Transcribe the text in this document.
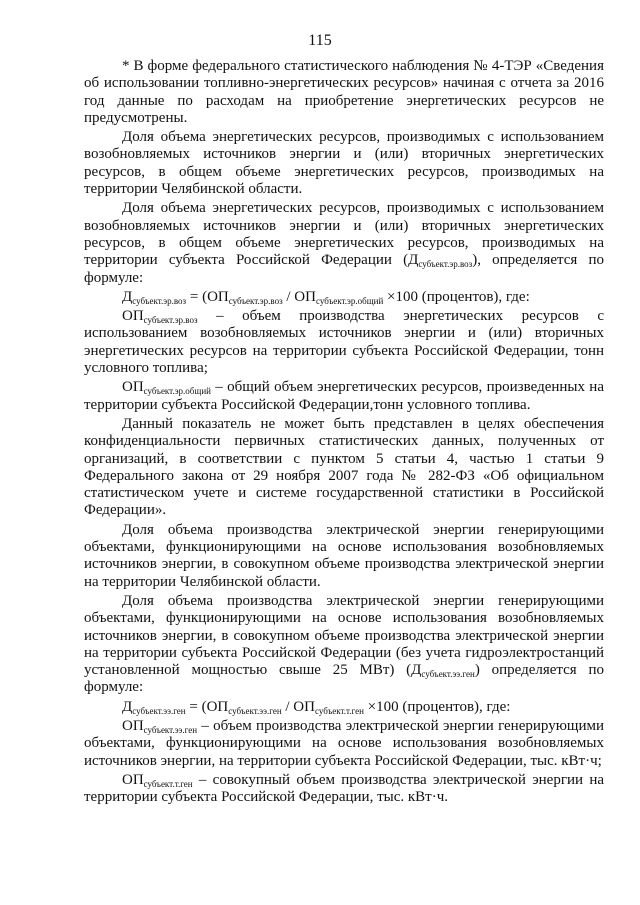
115

* В форме федерального статистического наблюдения № 4-ТЭР «Сведения об использовании топливно-энергетических ресурсов» начиная с отчета за 2016 год данные по расходам на приобретение энергетических ресурсов не предусмотрены.

Доля объема энергетических ресурсов, производимых с использованием возобновляемых источников энергии и (или) вторичных энергетических ресурсов, в общем объеме энергетических ресурсов, производимых на территории Челябинской области.

Доля объема энергетических ресурсов, производимых с использованием возобновляемых источников энергии и (или) вторичных энергетических ресурсов, в общем объеме энергетических ресурсов, производимых на территории субъекта Российской Федерации $(Д_{субъект.эр.воз})$, определяется по формуле:

$Д_{субъект.эр.воз} = (ОП_{субъект.эр.воз} / ОП_{субъект.эр.общий} \times 100$ (процентов), где:

$ОП_{субъект.эр.воз}$ – объем производства энергетических ресурсов с использованием возобновляемых источников энергии и (или) вторичных энергетических ресурсов на территории субъекта Российской Федерации, тонн условного топлива;

$ОП_{субъект.эр.общий}$ – общий объем энергетических ресурсов, произведенных на территории субъекта Российской Федерации,тонн условного топлива.

Данный показатель не может быть представлен в целях обеспечения конфиденциальности первичных статистических данных, полученных от организаций, в соответствии с пунктом 5 статьи 4, частью 1 статьи 9 Федерального закона от 29 ноября 2007 года № 282-ФЗ «Об официальном статистическом учете и системе государственной статистики в Российской Федерации».

Доля объема производства электрической энергии генерирующими объектами, функционирующими на основе использования возобновляемых источников энергии, в совокупном объеме производства электрической энергии на территории Челябинской области.

Доля объема производства электрической энергии генерирующими объектами, функционирующими на основе использования возобновляемых источников энергии, в совокупном объеме производства электрической энергии на территории субъекта Российской Федерации (без учета гидроэлектростанций установленной мощностью свыше 25 МВт) $(Д_{субъект.ээ.ген})$ определяется по формуле:

$Д_{субъект.ээ.ген} = (ОП_{субъект.ээ.ген} / ОП_{субъект.т.ген} \times 100$ (процентов), где:

$ОП_{субъект.ээ.ген}$ – объем производства электрической энергии генерирующими объектами, функционирующими на основе использования возобновляемых источников энергии, на территории субъекта Российской Федерации, тыс. кВт·ч;

$ОП_{субъект.т.ген}$ – совокупный объем производства электрической энергии на территории субъекта Российской Федерации, тыс. кВт·ч.
